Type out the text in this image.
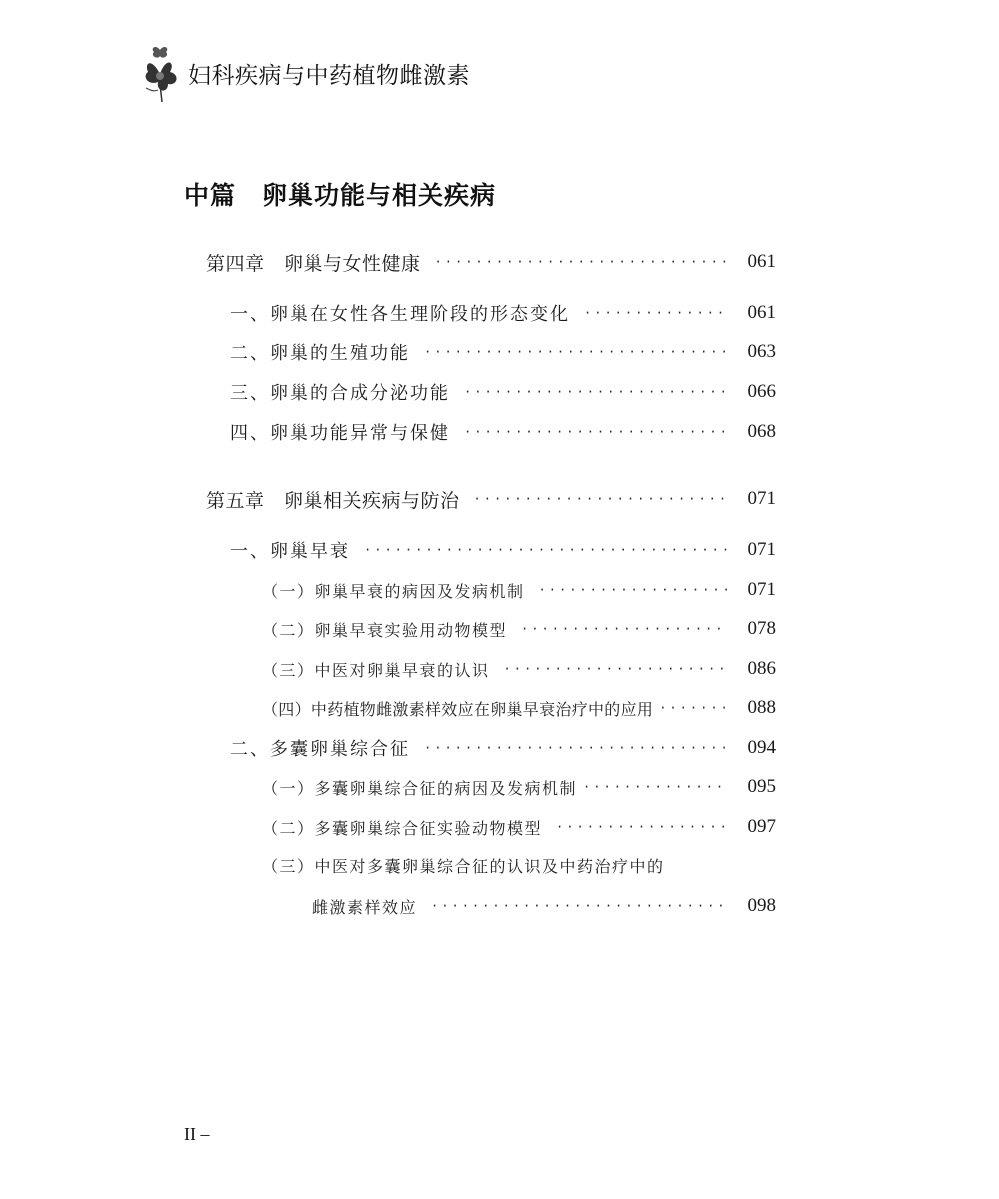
妇科疾病与中药植物雌激素
中篇 卵巢功能与相关疾病
第四章　卵巢与女性健康 ·····	061
一、卵巢在女性各生理阶段的形态变化 ·····	061
二、卵巢的生殖功能 ·····	063
三、卵巢的合成分泌功能 ·····	066
四、卵巢功能异常与保健 ·····	068
第五章　卵巢相关疾病与防治 ·····	071
一、卵巢早衰 ·····	071
（一）卵巢早衰的病因及发病机制 ·····	071
（二）卵巢早衰实验用动物模型 ·····	078
（三）中医对卵巢早衰的认识 ·····	086
（四）中药植物雌激素样效应在卵巢早衰治疗中的应用 ·····	088
二、多囊卵巢综合征 ·····	094
（一）多囊卵巢综合征的病因及发病机制 ·····	095
（二）多囊卵巢综合征实验动物模型 ·····	097
（三）中医对多囊卵巢综合征的认识及中药治疗中的
雌激素样效应 ·····	098
II –
